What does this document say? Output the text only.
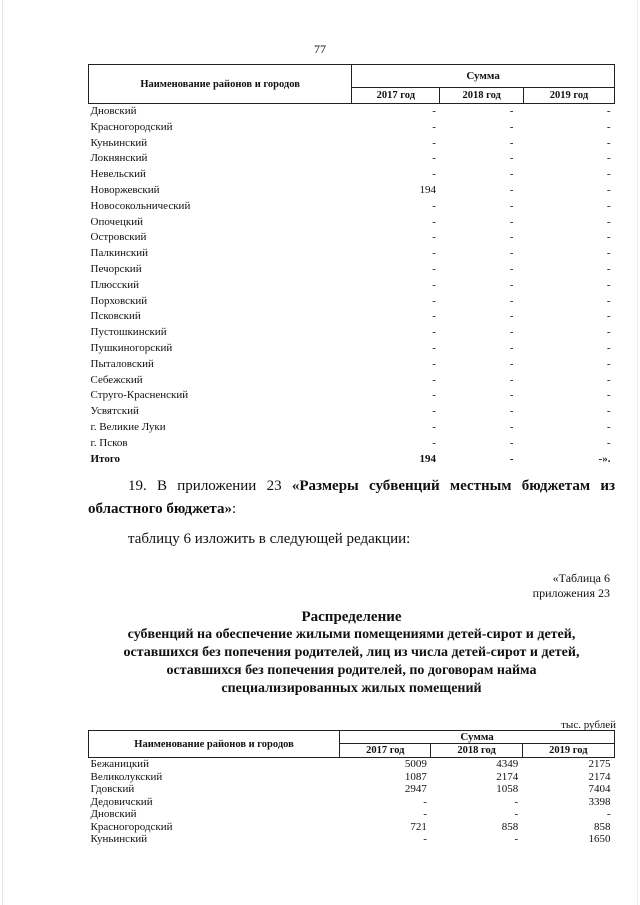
77
Наименование районов и городов	Сумма		
	2017 год	2018 год	2019 год
Дновский	-	-	-
Красногородский	-	-	-
Куньинский	-	-	-
Локнянский	-	-	-
Невельский	-	-	-
Новоржевский	194	-	-
Новосокольнический	-	-	-
Опочецкий	-	-	-
Островский	-	-	-
Палкинский	-	-	-
Печорский	-	-	-
Плюсский	-	-	-
Порховский	-	-	-
Псковский	-	-	-
Пустошкинский	-	-	-
Пушкиногорский	-	-	-
Пыталовский	-	-	-
Себежский	-	-	-
Струго-Красненский	-	-	-
Усвятский	-	-	-
г. Великие Луки	-	-	-
г. Псков	-	-	-
Итого	194	-	-».
19. В приложении 23 «Размеры субвенций местным бюджетам из областного бюджета»:
таблицу 6 изложить в следующей редакции:
«Таблица 6
приложения 23
Распределение
субвенций на обеспечение жилыми помещениями детей-сирот и детей,
оставшихся без попечения родителей, лиц из числа детей-сирот и детей,
оставшихся без попечения родителей, по договорам найма
специализированных жилых помещений
тыс. рублей
Наименование районов и городов	Сумма		
	2017 год	2018 год	2019 год
Бежаницкий	5009	4349	2175
Великолукский	1087	2174	2174
Гдовский	2947	1058	7404
Дедовичский	-	-	3398
Дновский	-	-	-
Красногородский	721	858	858
Куньинский	-	-	1650
